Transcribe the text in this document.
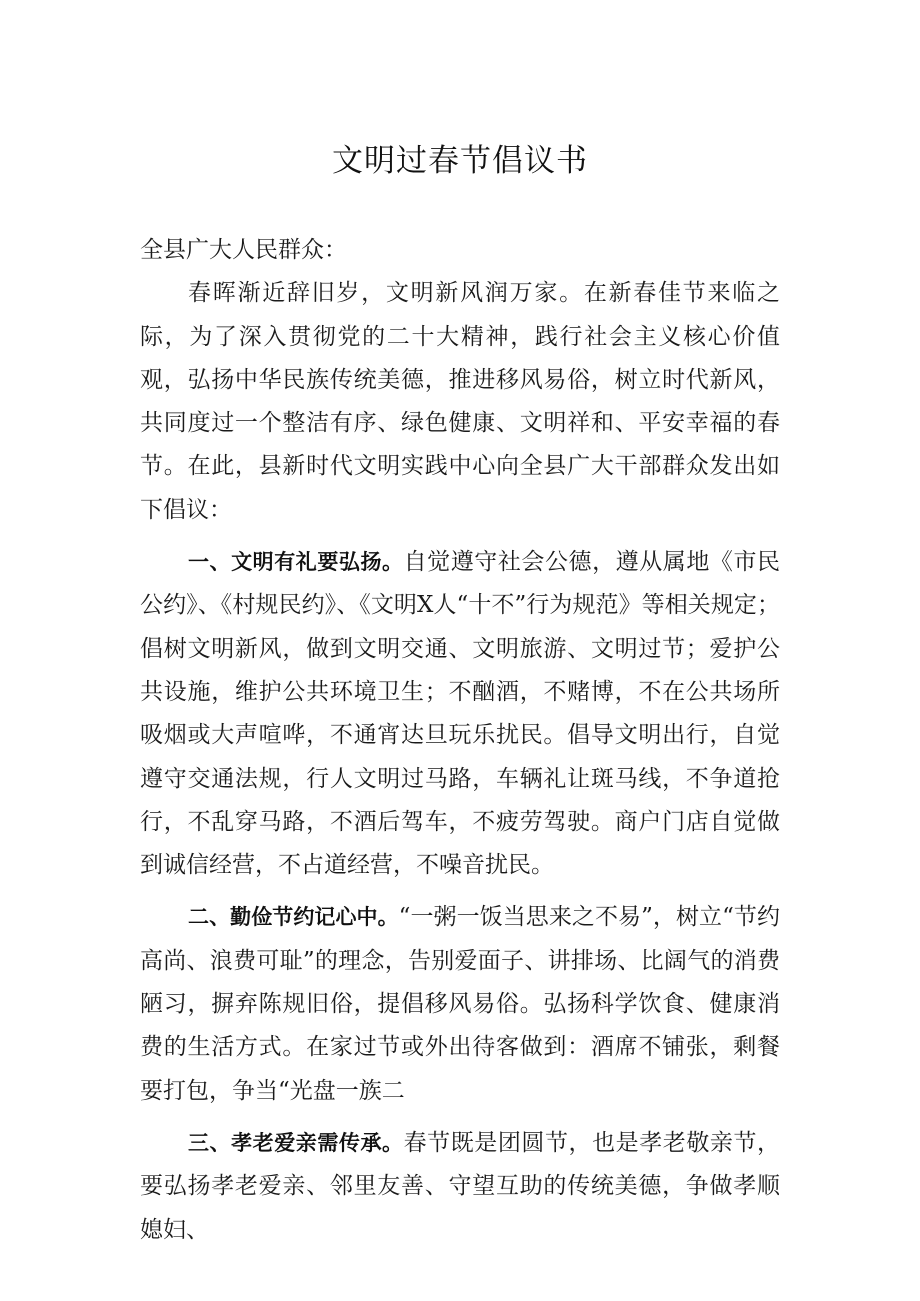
文明过春节倡议书

全县广大人民群众：

春晖渐近辞旧岁，文明新风润万家。在新春佳节来临之际，为了深入贯彻党的二十大精神，践行社会主义核心价值观，弘扬中华民族传统美德，推进移风易俗，树立时代新风，共同度过一个整洁有序、绿色健康、文明祥和、平安幸福的春节。在此，县新时代文明实践中心向全县广大干部群众发出如下倡议：

一、文明有礼要弘扬。自觉遵守社会公德，遵从属地《市民公约》、《村规民约》、《文明X人“十不”行为规范》等相关规定；倡树文明新风，做到文明交通、文明旅游、文明过节；爱护公共设施，维护公共环境卫生；不酗酒，不赌博，不在公共场所吸烟或大声喧哗，不通宵达旦玩乐扰民。倡导文明出行，自觉遵守交通法规，行人文明过马路，车辆礼让斑马线，不争道抢行，不乱穿马路，不酒后驾车，不疲劳驾驶。商户门店自觉做到诚信经营，不占道经营，不噪音扰民。

二、勤俭节约记心中。“一粥一饭当思来之不易”，树立“节约高尚、浪费可耻”的理念，告别爱面子、讲排场、比阔气的消费陋习，摒弃陈规旧俗，提倡移风易俗。弘扬科学饮食、健康消费的生活方式。在家过节或外出待客做到：酒席不铺张，剩餐要打包，争当“光盘一族二

三、孝老爱亲需传承。春节既是团圆节，也是孝老敬亲节，要弘扬孝老爱亲、邻里友善、守望互助的传统美德，争做孝顺媳妇、
